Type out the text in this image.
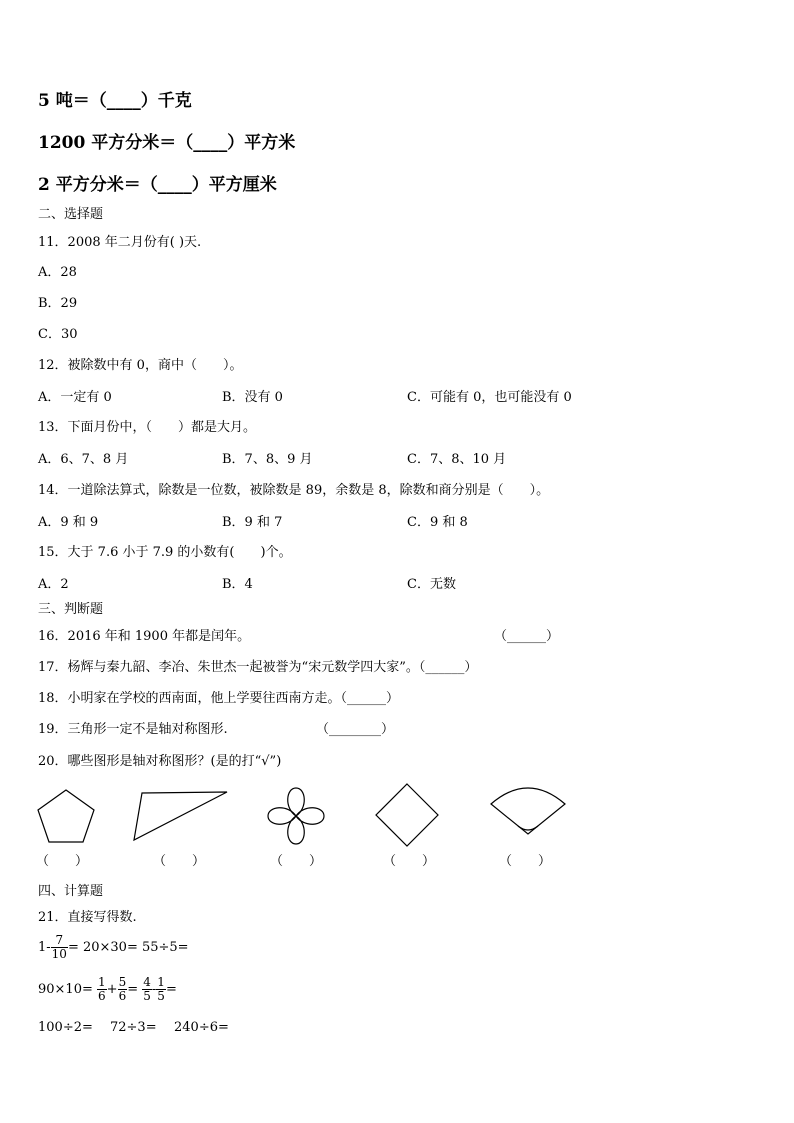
5 吨＝（____）千克
1200 平方分米＝（____）平方米
2 平方分米＝（____）平方厘米
二、选择题
11．2008 年二月份有( )天.
A．28
B．29
C．30
12．被除数中有 0，商中（　　）。
A．一定有 0	B．没有 0	C．可能有 0，也可能没有 0
13．下面月份中，（　　）都是大月。
A．6、7、8 月	B．7、8、9 月	C．7、8、10 月
14．一道除法算式，除数是一位数，被除数是 89，余数是 8，除数和商分别是（　　）。
A．9 和 9	B．9 和 7	C．9 和 8
15．大于 7.6 小于 7.9 的小数有(　　)个。
A．2	B．4	C．无数
三、判断题
16．2016 年和 1900 年都是闰年。	（______）
17．杨辉与秦九韶、李冶、朱世杰一起被誉为“宋元数学四大家”。（______）
18．小明家在学校的西南面，他上学要往西南方走。（______）
19．三角形一定不是轴对称图形.	（________）
20．哪些图形是轴对称图形？(是的打“√”)
（　　）	（　　）	（　　）	（　　）	（　　）
四、计算题
21．直接写得数.
$1- \frac{7}{10} = 20\times 30= 55\div 5=$
$90\times 10= \frac{1}{6} + \frac{5}{6} = \frac{4}{5} - \frac{1}{5}$ =
100÷2= 72÷3= 240÷6=
